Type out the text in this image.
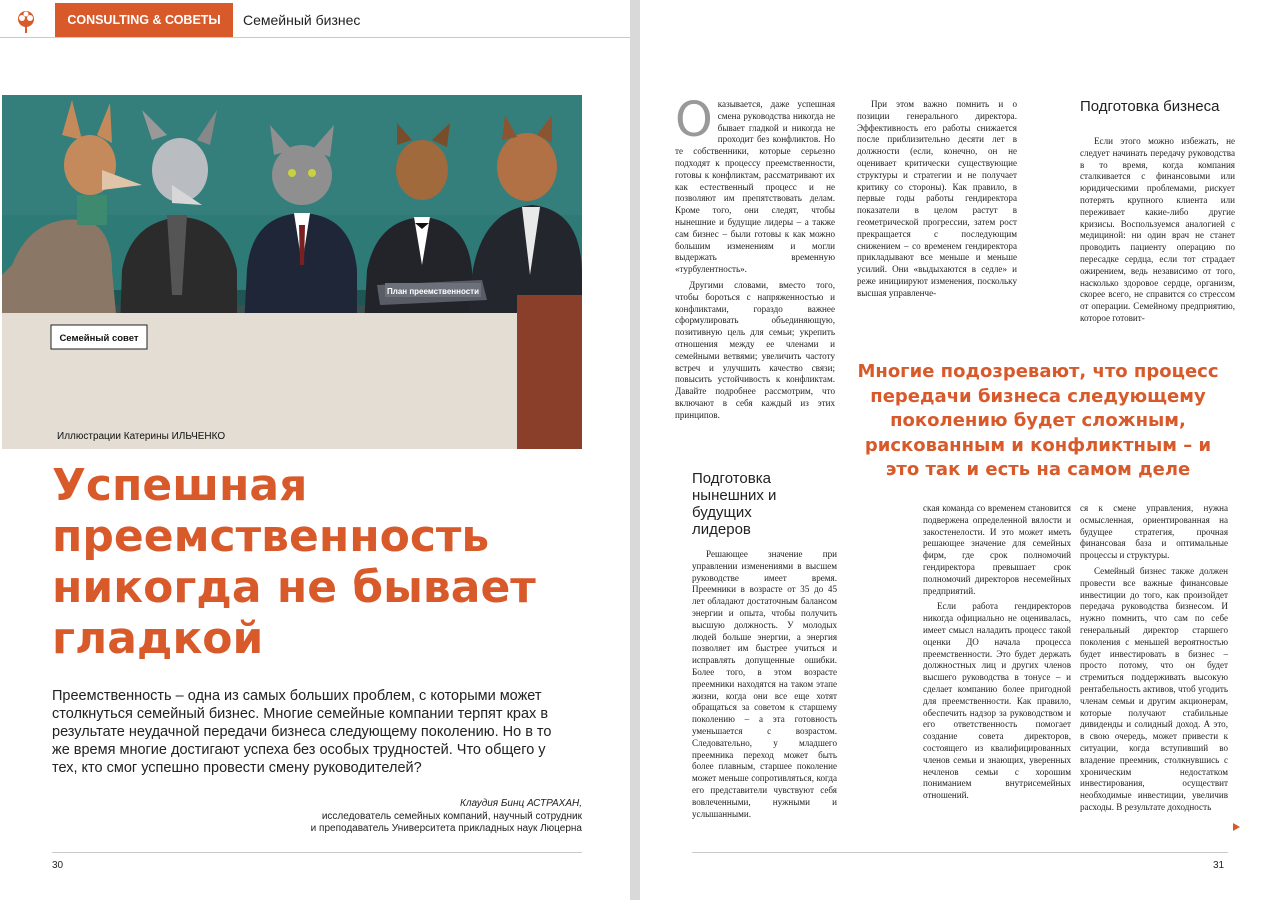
CONSULTING & СОВЕТЫ	Семейный бизнес
План преемственности
Семейный совет
Иллюстрации Катерины ИЛЬЧЕНКО
Успешная преемственность никогда не бывает гладкой
Преемственность – одна из самых больших проблем, с которыми может столкнуться семейный бизнес. Многие семейные компании терпят крах в результате неудачной передачи бизнеса следующему поколению. Но в то же время многие достигают успеха без особых трудностей. Что общего у тех, кто смог успешно провести смену руководителей?
Клаудия Бинц АСТРАХАН,
исследователь семейных компаний, научный сотрудник
и преподаватель Университета прикладных наук Люцерна
30

Оказывается, даже успешная смена руководства никогда не бывает гладкой и никогда не проходит без конфликтов. Но те собственники, которые серьезно подходят к процессу преемственности, готовы к конфликтам, рассматривают их как естественный процесс и не позволяют им препятствовать делам. Кроме того, они следят, чтобы нынешние и будущие лидеры – а также сам бизнес – были готовы к как можно большим изменениям и могли выдержать временную «турбулентность».

Другими словами, вместо того, чтобы бороться с напряженностью и конфликтами, гораздо важнее сформулировать объединяющую, позитивную цель для семьи; укрепить отношения между ее членами и семейными ветвями; увеличить частоту встреч и улучшить качество связи; повысить устойчивость к конфликтам. Давайте подробнее рассмотрим, что включают в себя каждый из этих принципов.

При этом важно помнить и о позиции генерального директора. Эффективность его работы снижается после приблизительно десяти лет в должности (если, конечно, он не оценивает критически существующие структуры и стратегии и не получает критику со стороны). Как правило, в первые годы работы гендиректора показатели в целом растут в геометрической прогрессии, затем рост прекращается с последующим снижением – со временем гендиректора прикладывают все меньше и меньше усилий. Они «выдыхаются в седле» и реже инициируют изменения, поскольку высшая управленче-

Подготовка бизнеса

Если этого можно избежать, не следует начинать передачу руководства в то время, когда компания сталкивается с финансовыми или юридическими проблемами, рискует потерять крупного клиента или переживает какие-либо другие кризисы. Воспользуемся аналогией с медициной: ни один врач не станет проводить пациенту операцию по пересадке сердца, если тот страдает ожирением, ведь независимо от того, насколько здоровое сердце, организм, скорее всего, не справится со стрессом от операции. Семейному предприятию, которое готовит-

Многие подозревают, что процесс передачи бизнеса следующему поколению будет сложным, рискованным и конфликтным – и это так и есть на самом деле
Подготовка нынешних и будущих лидеров

Решающее значение при управлении изменениями в высшем руководстве имеет время. Преемники в возрасте от 35 до 45 лет обладают достаточным балансом энергии и опыта, чтобы получить высшую должность. У молодых людей больше энергии, а энергия позволяет им быстрее учиться и исправлять допущенные ошибки. Более того, в этом возрасте преемники находятся на таком этапе жизни, когда они все еще хотят обращаться за советом к старшему поколению – а эта готовность уменьшается с возрастом. Следовательно, у младшего преемника переход может быть более плавным, старшее поколение может меньше сопротивляться, когда его представители чувствуют себя вовлеченными, нужными и услышанными.

ская команда со временем становится подвержена определенной вялости и закостенелости. И это может иметь решающее значение для семейных фирм, где срок полномочий гендиректора превышает срок полномочий директоров несемейных предприятий.

Если работа гендиректоров никогда официально не оценивалась, имеет смысл наладить процесс такой оценки ДО начала процесса преемственности. Это будет держать должностных лиц и других членов высшего руководства в тонусе – и сделает компанию более пригодной для преемственности. Как правило, обеспечить надзор за руководством и его ответственность помогает создание совета директоров, состоящего из квалифицированных членов семьи и знающих, уверенных нечленов семьи с хорошим пониманием внутрисемейных отношений.

ся к смене управления, нужна осмысленная, ориентированная на будущее стратегия, прочная финансовая база и оптимальные процессы и структуры.

Семейный бизнес также должен провести все важные финансовые инвестиции до того, как произойдет передача руководства бизнесом. И нужно помнить, что сам по себе генеральный директор старшего поколения с меньшей вероятностью будет инвестировать в бизнес – просто потому, что он будет стремиться поддерживать высокую рентабельность активов, чтоб угодить членам семьи и другим акционерам, которые получают стабильные дивиденды и солидный доход. А это, в свою очередь, может привести к ситуации, когда вступивший во владение преемник, столкнувшись с хроническим недостатком инвестирования, осуществит необходимые инвестиции, увеличив расходы. В результате доходность

31
